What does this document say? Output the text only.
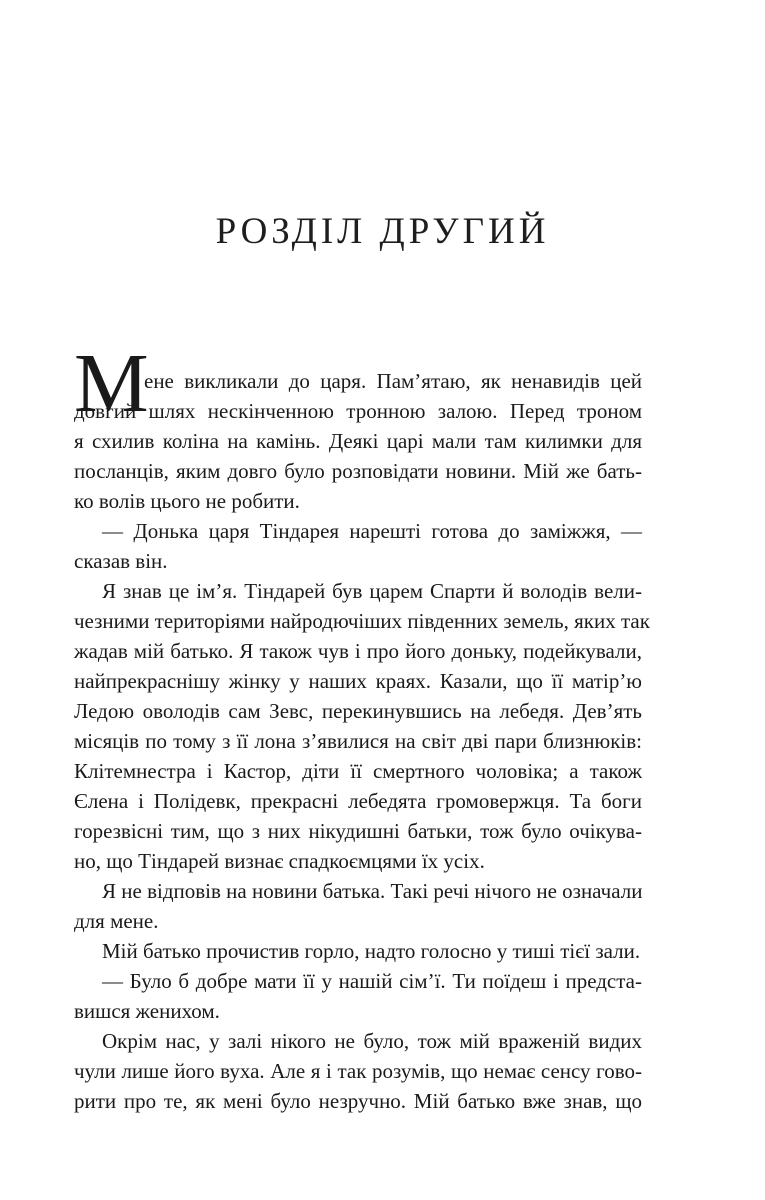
РОЗДІЛ ДРУГИЙ
М
ене викликали до царя. Пам’ятаю, як ненавидів цей
довгий шлях нескінченною тронною залою. Перед троном
я схилив коліна на камінь. Деякі царі мали там килимки для
посланців, яким довго було розповідати новини. Мій же бать-
ко волів цього не робити.
— Донька царя Тіндарея нарешті готова до заміжжя, —
сказав він.
Я знав це ім’я. Тіндарей був царем Спарти й володів вели-
чезними територіями найродючіших південних земель, яких так
жадав мій батько. Я також чув і про його доньку, подейкували,
найпрекраснішу жінку у наших краях. Казали, що її матір’ю
Ледою оволодів сам Зевс, перекинувшись на лебедя. Дев’ять
місяців по тому з її лона з’явилися на світ дві пари близнюків:
Клітемнестра і Кастор, діти її смертного чоловіка; а також
Єлена і Полідевк, прекрасні лебедята громовержця. Та боги
горезвісні тим, що з них нікудишні батьки, тож було очікува-
но, що Тіндарей визнає спадкоємцями їх усіх.
Я не відповів на новини батька. Такі речі нічого не означали
для мене.
Мій батько прочистив горло, надто голосно у тиші тієї зали.
— Було б добре мати її у нашій сім’ї. Ти поїдеш і предста-
вишся женихом.
Окрім нас, у залі нікого не було, тож мій враженій видих
чули лише його вуха. Але я і так розумів, що немає сенсу гово-
рити про те, як мені було незручно. Мій батько вже знав, що
